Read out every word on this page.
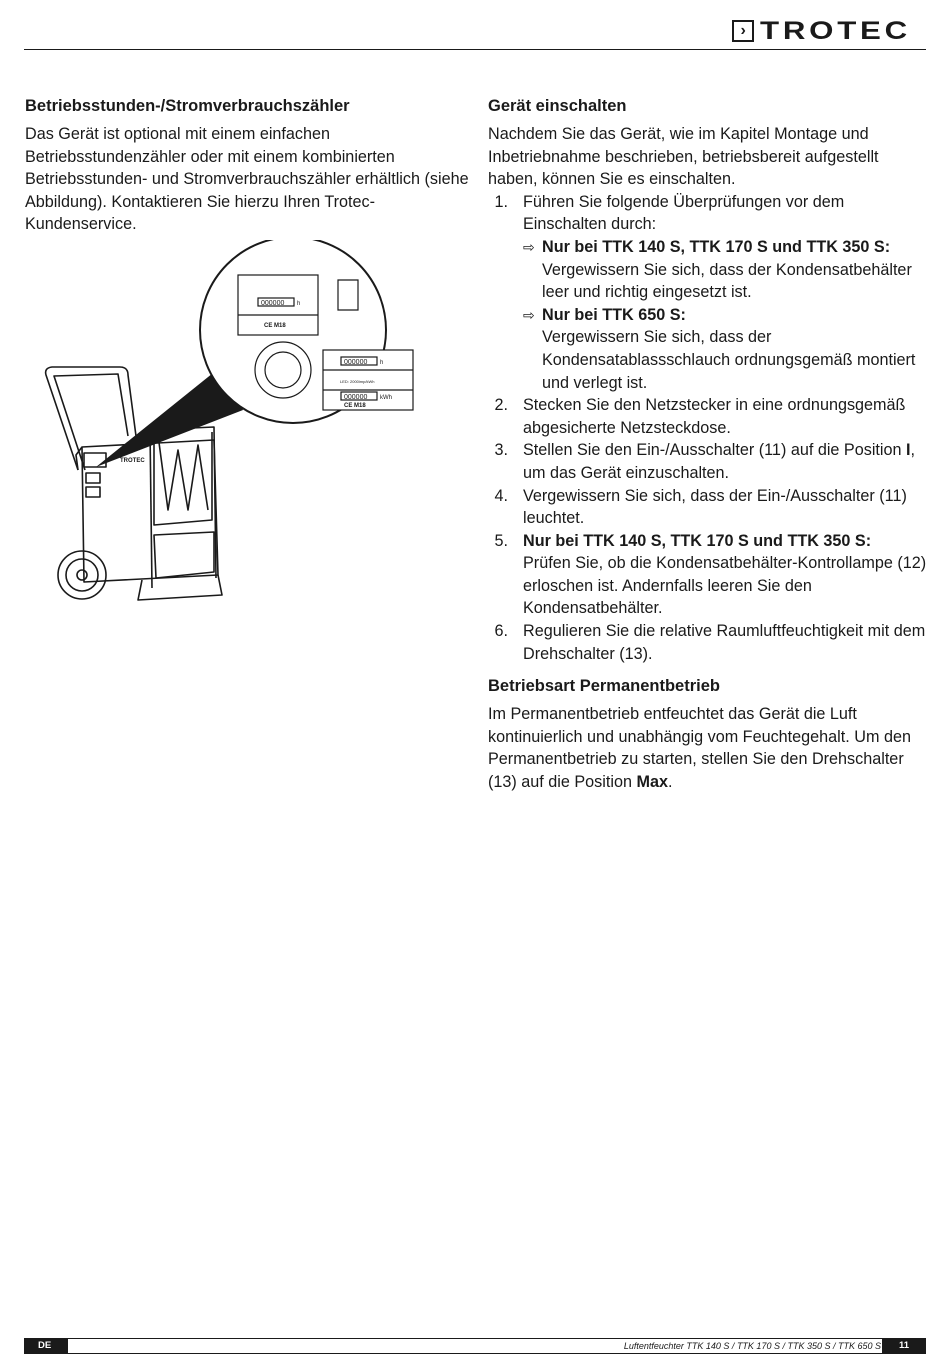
› TROTEC
Betriebsstunden-/Stromverbrauchszähler

Das Gerät ist optional mit einem einfachen Betriebsstundenzähler oder mit einem kombinierten Betriebsstunden- und Stromverbrauchszähler erhältlich (siehe Abbildung). Kontaktieren Sie hierzu Ihren Trotec-Kundenservice.

000000 h
CE M18
000000 h
LED: 2000imp/kWh
000000 kWh
CE M18
TROTEC
Gerät einschalten

Nachdem Sie das Gerät, wie im Kapitel Montage und Inbetriebnahme beschrieben, betriebsbereit aufgestellt haben, können Sie es einschalten.

1. Führen Sie folgende Überprüfungen vor dem Einschalten durch:
⇨ Nur bei TTK 140 S, TTK 170 S und TTK 350 S:
Vergewissern Sie sich, dass der Kondensatbehälter leer und richtig eingesetzt ist.
⇨ Nur bei TTK 650 S:
Vergewissern Sie sich, dass der Kondensatablassschlauch ordnungsgemäß montiert und verlegt ist.
2. Stecken Sie den Netzstecker in eine ordnungsgemäß abgesicherte Netzsteckdose.
3. Stellen Sie den Ein-/Ausschalter (11) auf die Position I, um das Gerät einzuschalten.
4. Vergewissern Sie sich, dass der Ein-/Ausschalter (11) leuchtet.
5. Nur bei TTK 140 S, TTK 170 S und TTK 350 S:
Prüfen Sie, ob die Kondensatbehälter-Kontrollampe (12) erloschen ist. Andernfalls leeren Sie den Kondensatbehälter.
6. Regulieren Sie die relative Raumluftfeuchtigkeit mit dem Drehschalter (13).
Betriebsart Permanentbetrieb

Im Permanentbetrieb entfeuchtet das Gerät die Luft kontinuierlich und unabhängig vom Feuchtegehalt. Um den Permanentbetrieb zu starten, stellen Sie den Drehschalter (13) auf die Position Max.

DE	Luftentfeuchter TTK 140 S / TTK 170 S / TTK 350 S / TTK 650 S	11
